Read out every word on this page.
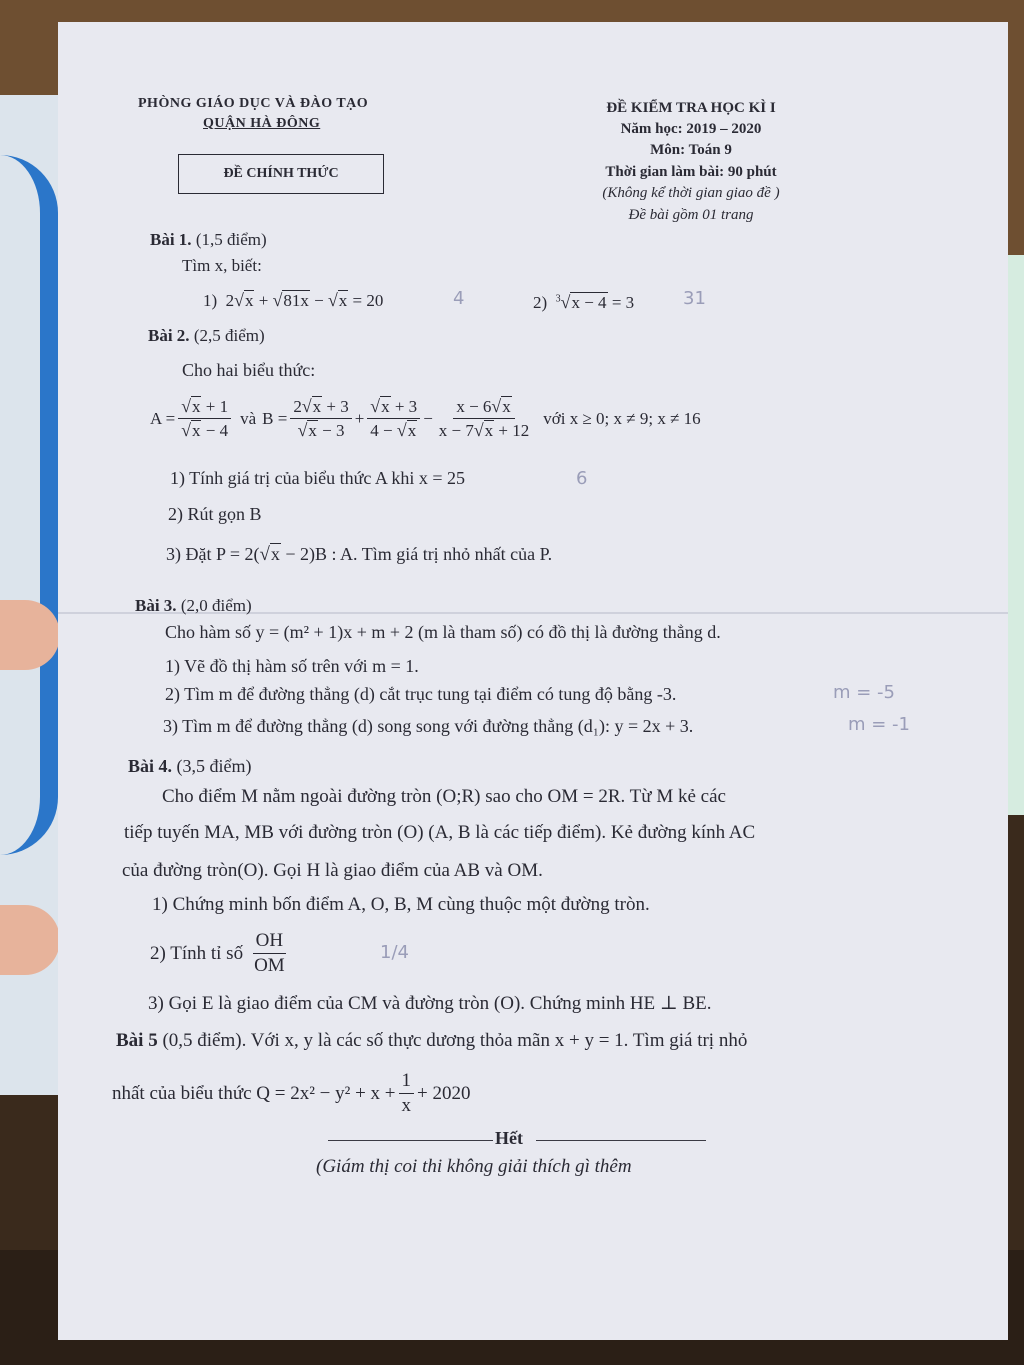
PHÒNG GIÁO DỤC VÀ ĐÀO TẠO
QUẬN HÀ ĐÔNG
ĐỀ CHÍNH THỨC
ĐỀ KIỂM TRA HỌC KÌ I
Năm học: 2019 – 2020
Môn: Toán 9
Thời gian làm bài: 90 phút
(Không kể thời gian giao đề )
Đề bài gồm 01 trang
Bài 1. (1,5 điểm)
Tìm x, biết:
1)  2√x + √81x − √x = 20	2) $^3$√x − 4 = 3
4	31
Bài 2. (2,5 điểm)
Cho hai biểu thức:
$A = \frac{√x + 1}{√x - 4}$ và $B = \frac{2√x + 3}{√x - 3} + \frac{√x + 3}{4 - √x} - \frac{x - 6√x}{x - 7√x + 12}$ với x ≥ 0; x ≠ 9; x ≠ 16
1) Tính giá trị của biểu thức A khi x = 25	6
2) Rút gọn B
3) Đặt P = 2(√x − 2)B : A. Tìm giá trị nhỏ nhất của P.
Bài 3. (2,0 điểm)
Cho hàm số y = (m² + 1)x + m + 2 (m là tham số) có đồ thị là đường thẳng d.
1) Vẽ đồ thị hàm số trên với m = 1.
2) Tìm m để đường thẳng (d) cắt trục tung tại điểm có tung độ bằng -3.	m = -5
3) Tìm m để đường thẳng (d) song song với đường thẳng (d₁): y = 2x + 3.	m = -1
Bài 4. (3,5 điểm)
Cho điểm M nằm ngoài đường tròn (O;R) sao cho OM = 2R. Từ M kẻ các
tiếp tuyến MA, MB với đường tròn (O) (A, B là các tiếp điểm). Kẻ đường kính AC
của đường tròn(O). Gọi H là giao điểm của AB và OM.
1) Chứng minh bốn điểm A, O, B, M cùng thuộc một đường tròn.
2) Tính tỉ số $\frac{OH}{OM}$	1/4
3) Gọi E là giao điểm của CM và đường tròn (O). Chứng minh HE ⊥ BE.
Bài 5 (0,5 điểm). Với x, y là các số thực dương thỏa mãn x + y = 1. Tìm giá trị nhỏ
nhất của biểu thức $Q = 2x^2 - y^2 + x + \frac{1}{x} + 2020$
Hết
(Giám thị coi thi không giải thích gì thêm
